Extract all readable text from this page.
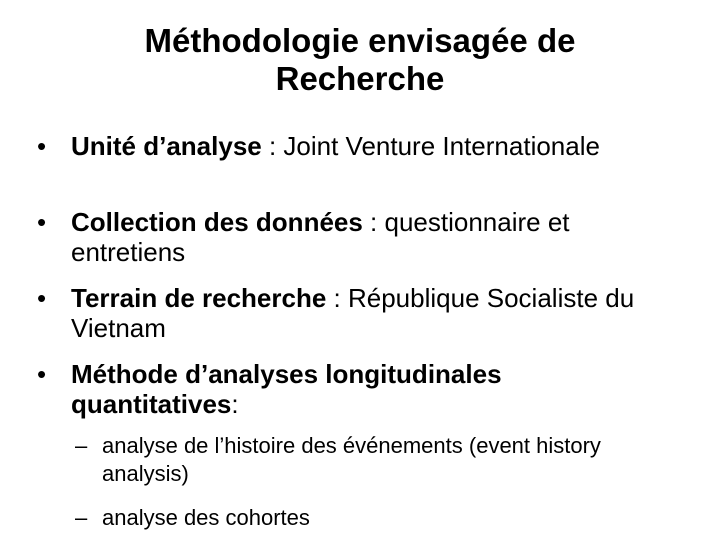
Méthodologie envisagée de
Recherche
• Unité d’analyse : Joint Venture Internationale
• Collection des données : questionnaire et entretiens
• Terrain de recherche : République Socialiste du Vietnam
• Méthode d’analyses longitudinales quantitatives:
– analyse de l’histoire des événements (event history analysis)
– analyse des cohortes
